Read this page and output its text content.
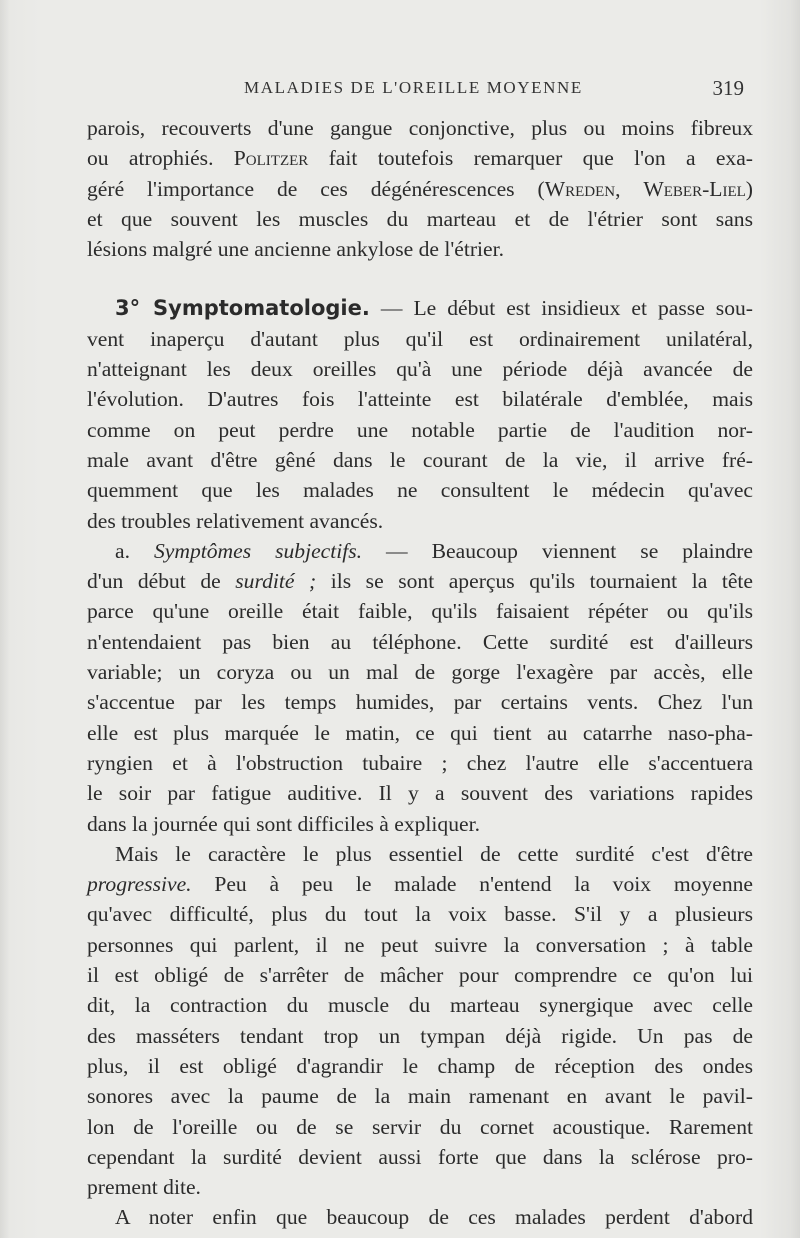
MALADIES DE L'OREILLE MOYENNE	319
parois, recouverts d'une gangue conjonctive, plus ou moins fibreux
ou atrophiés. Politzer fait toutefois remarquer que l'on a exa-
géré l'importance de ces dégénérescences (Wreden, Weber-Liel)
et que souvent les muscles du marteau et de l'étrier sont sans
lésions malgré une ancienne ankylose de l'étrier.
3° Symptomatologie. — Le début est insidieux et passe sou-
vent inaperçu d'autant plus qu'il est ordinairement unilatéral,
n'atteignant les deux oreilles qu'à une période déjà avancée de
l'évolution. D'autres fois l'atteinte est bilatérale d'emblée, mais
comme on peut perdre une notable partie de l'audition nor-
male avant d'être gêné dans le courant de la vie, il arrive fré-
quemment que les malades ne consultent le médecin qu'avec
des troubles relativement avancés.
a. Symptômes subjectifs. — Beaucoup viennent se plaindre
d'un début de surdité ; ils se sont aperçus qu'ils tournaient la tête
parce qu'une oreille était faible, qu'ils faisaient répéter ou qu'ils
n'entendaient pas bien au téléphone. Cette surdité est d'ailleurs
variable; un coryza ou un mal de gorge l'exagère par accès, elle
s'accentue par les temps humides, par certains vents. Chez l'un
elle est plus marquée le matin, ce qui tient au catarrhe naso-pha-
ryngien et à l'obstruction tubaire ; chez l'autre elle s'accentuera
le soir par fatigue auditive. Il y a souvent des variations rapides
dans la journée qui sont difficiles à expliquer.
Mais le caractère le plus essentiel de cette surdité c'est d'être
progressive. Peu à peu le malade n'entend la voix moyenne
qu'avec difficulté, plus du tout la voix basse. S'il y a plusieurs
personnes qui parlent, il ne peut suivre la conversation ; à table
il est obligé de s'arrêter de mâcher pour comprendre ce qu'on lui
dit, la contraction du muscle du marteau synergique avec celle
des masséters tendant trop un tympan déjà rigide. Un pas de
plus, il est obligé d'agrandir le champ de réception des ondes
sonores avec la paume de la main ramenant en avant le pavil-
lon de l'oreille ou de se servir du cornet acoustique. Rarement
cependant la surdité devient aussi forte que dans la sclérose pro-
prement dite.
A noter enfin que beaucoup de ces malades perdent d'abord
